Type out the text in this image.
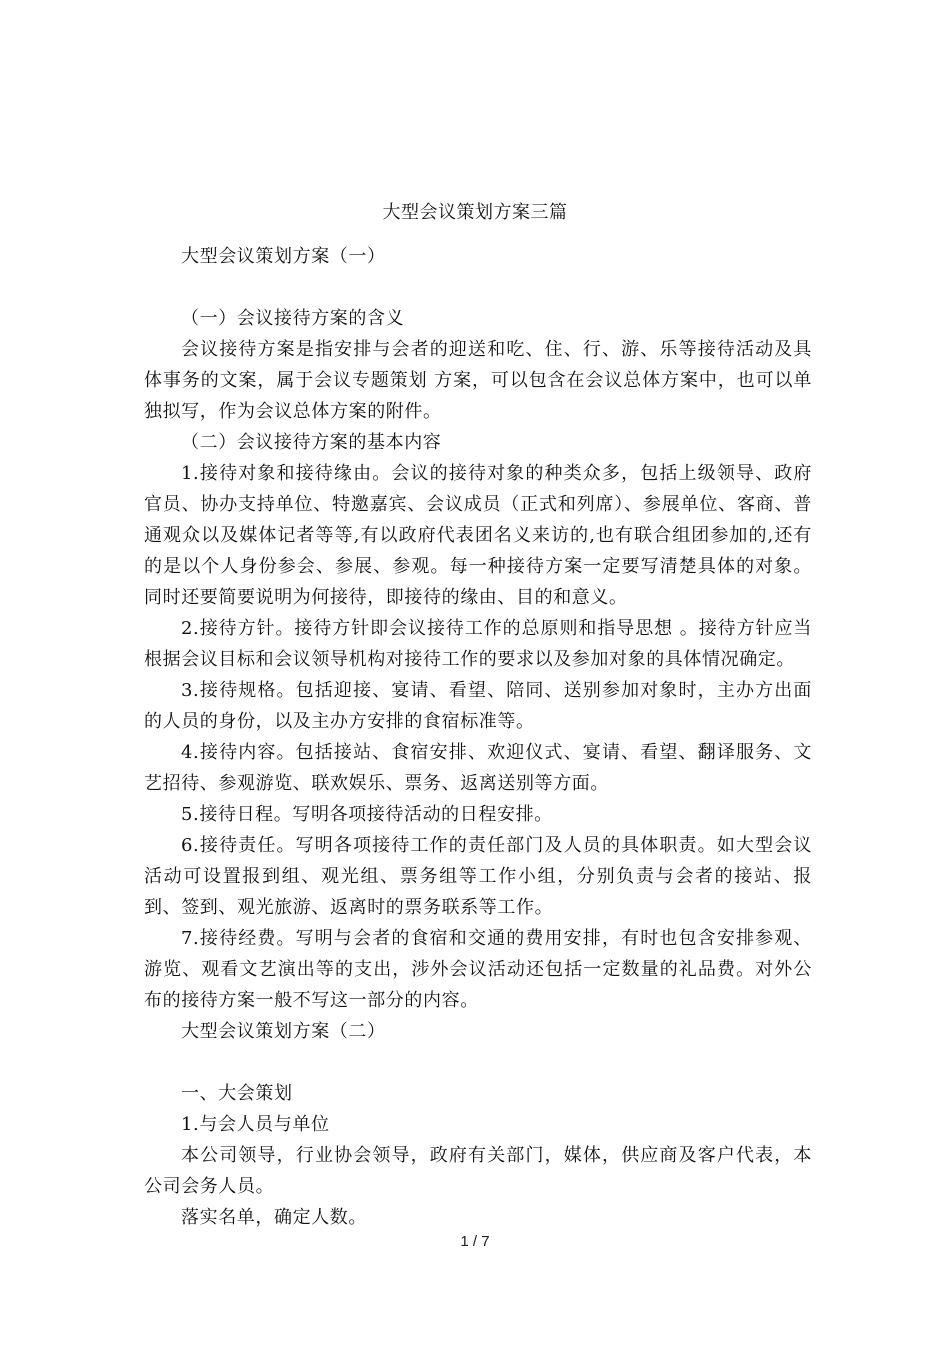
大型会议策划方案三篇

大型会议策划方案（一）

（一）会议接待方案的含义

会议接待方案是指安排与会者的迎送和吃、住、行、游、乐等接待活动及具体事务的文案，属于会议专题策划 方案，可以包含在会议总体方案中，也可以单独拟写，作为会议总体方案的附件。

（二）会议接待方案的基本内容

1.接待对象和接待缘由。会议的接待对象的种类众多，包括上级领导、政府官员、协办支持单位、特邀嘉宾、会议成员（正式和列席）、参展单位、客商、普通观众以及媒体记者等等,有以政府代表团名义来访的,也有联合组团参加的,还有的是以个人身份参会、参展、参观。每一种接待方案一定要写清楚具体的对象。同时还要简要说明为何接待，即接待的缘由、目的和意义。

2.接待方针。接待方针即会议接待工作的总原则和指导思想 。接待方针应当根据会议目标和会议领导机构对接待工作的要求以及参加对象的具体情况确定。

3.接待规格。包括迎接、宴请、看望、陪同、送别参加对象时，主办方出面的人员的身份，以及主办方安排的食宿标准等。

4.接待内容。包括接站、食宿安排、欢迎仪式、宴请、看望、翻译服务、文艺招待、参观游览、联欢娱乐、票务、返离送别等方面。

5.接待日程。写明各项接待活动的日程安排。

6.接待责任。写明各项接待工作的责任部门及人员的具体职责。如大型会议活动可设置报到组、观光组、票务组等工作小组，分别负责与会者的接站、报到、签到、观光旅游、返离时的票务联系等工作。

7.接待经费。写明与会者的食宿和交通的费用安排，有时也包含安排参观、游览、观看文艺演出等的支出，涉外会议活动还包括一定数量的礼品费。对外公布的接待方案一般不写这一部分的内容。

大型会议策划方案（二）

一、大会策划

1.与会人员与单位

本公司领导，行业协会领导，政府有关部门，媒体，供应商及客户代表，本公司会务人员。

落实名单，确定人数。

1 / 7
